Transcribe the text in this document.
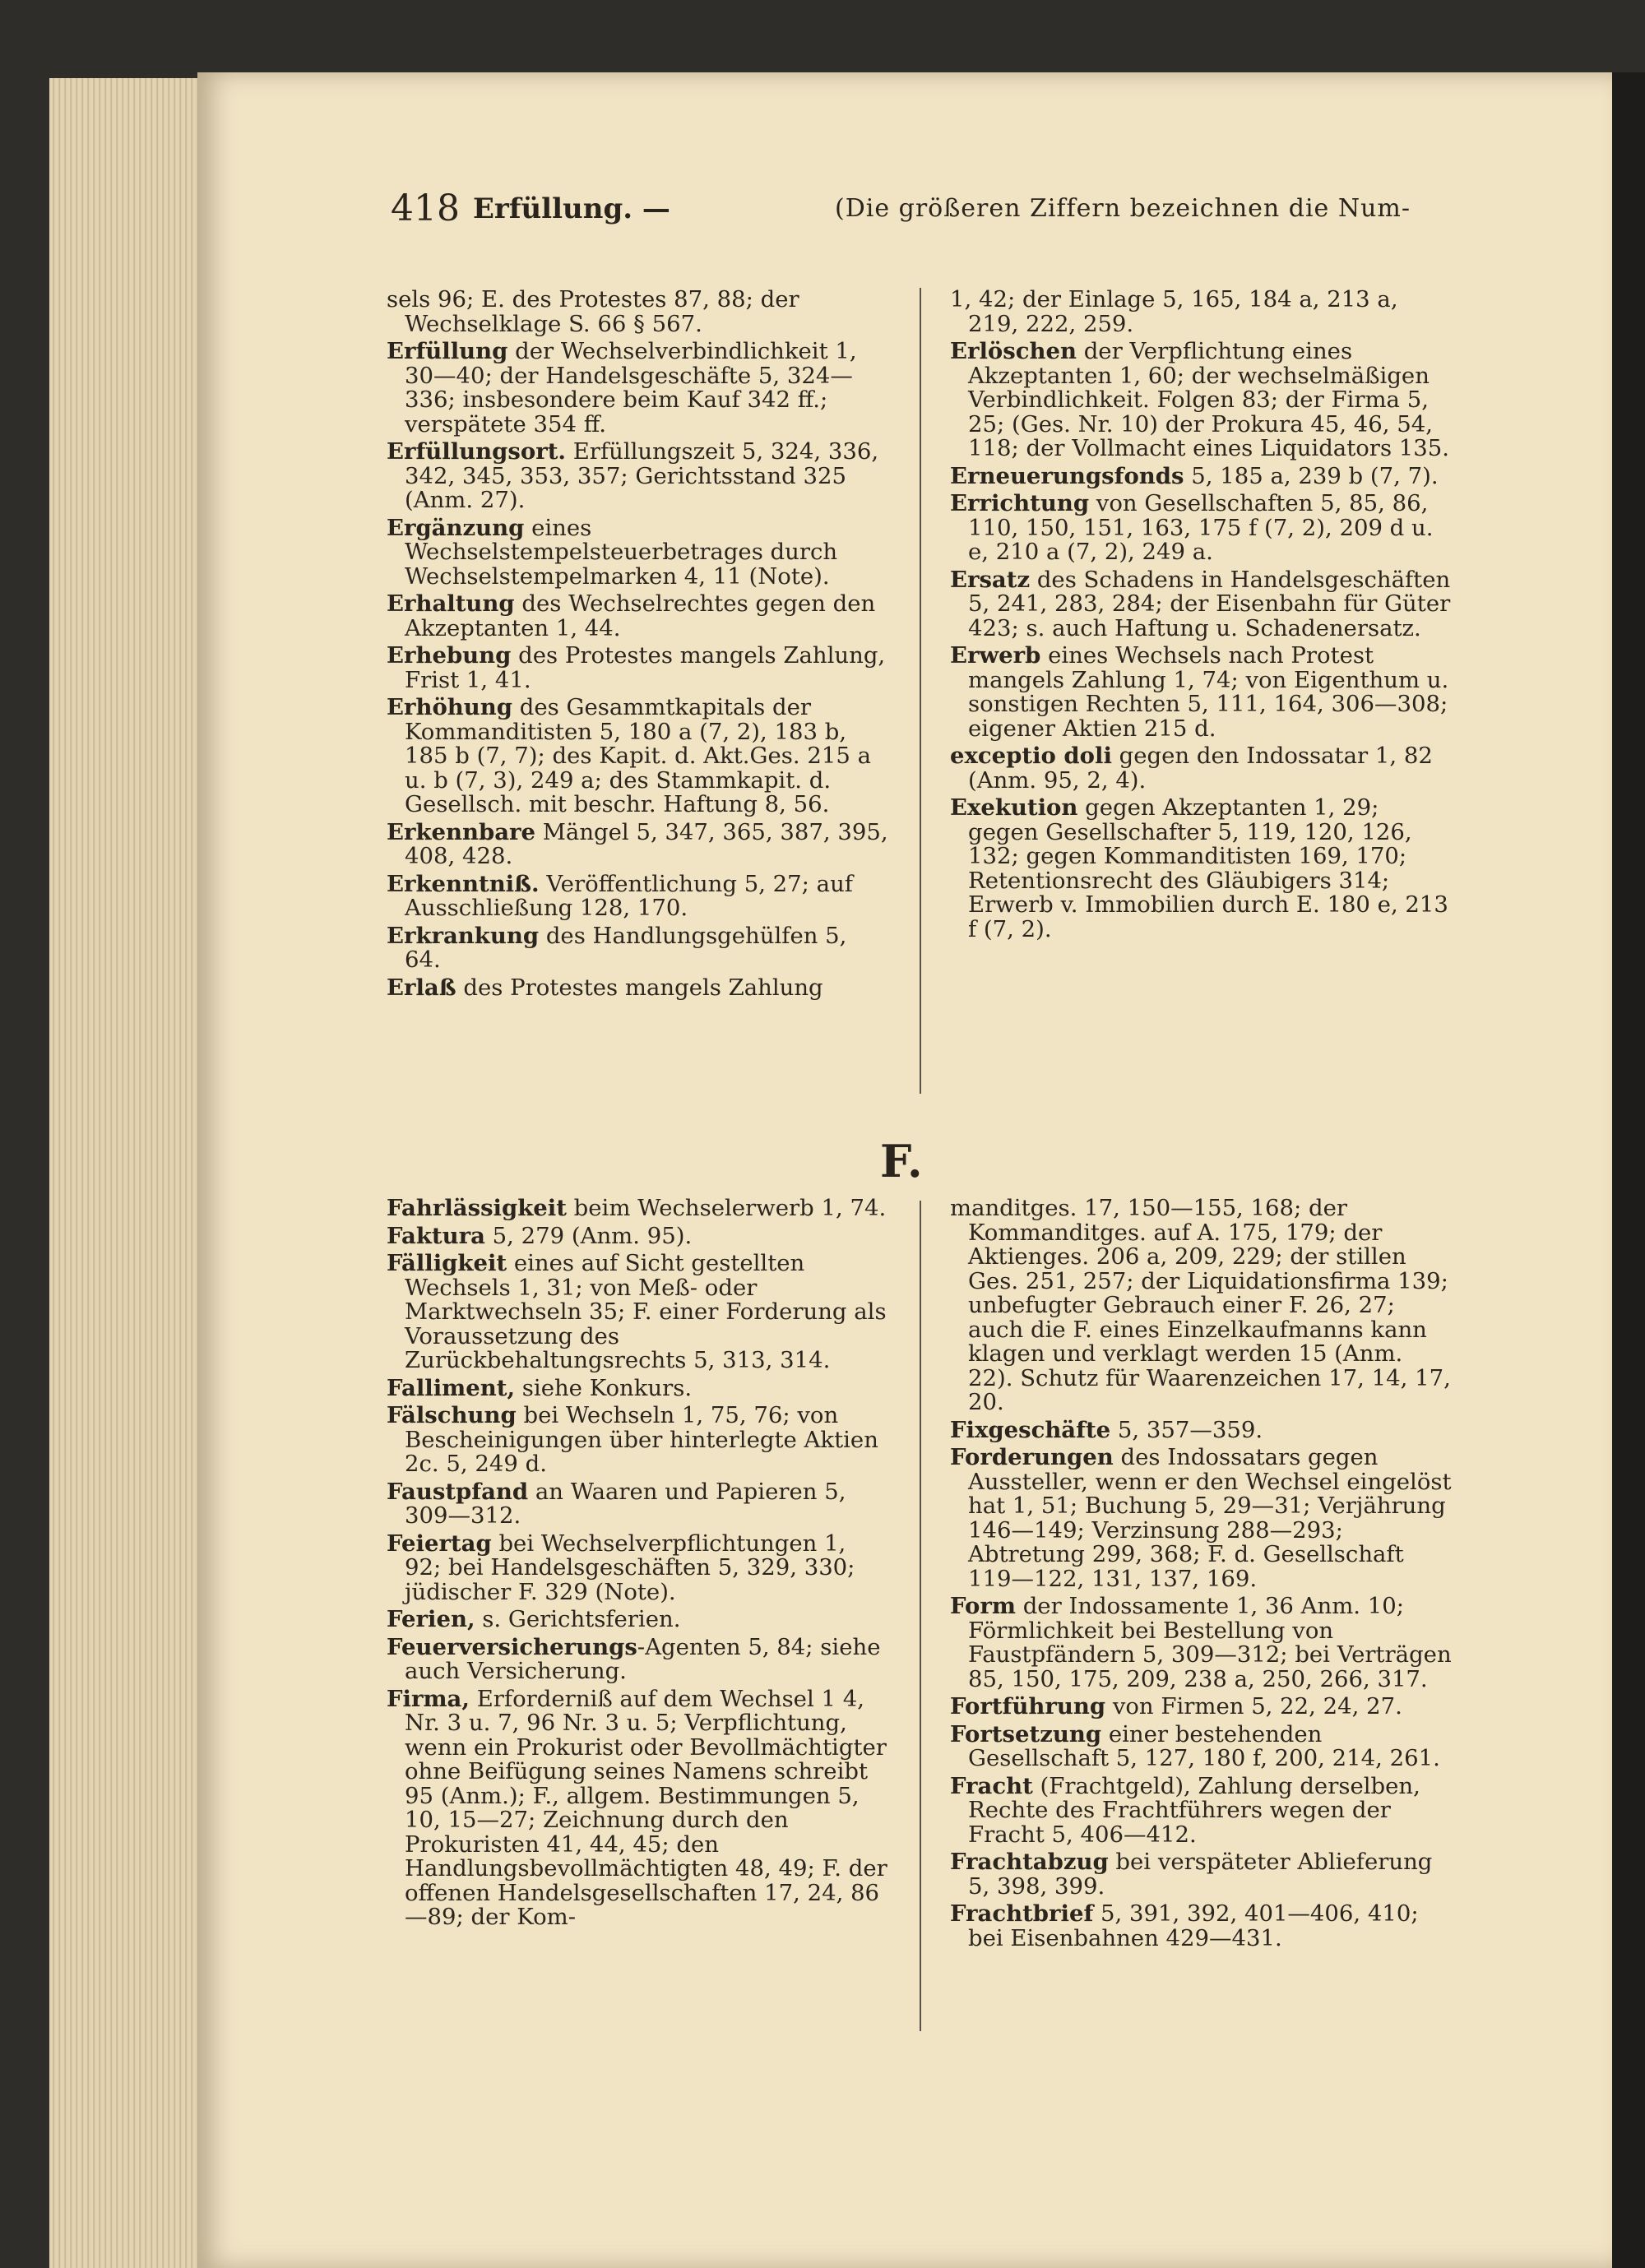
418 Erfüllung. —	(Die größeren Ziffern bezeichnen die Num-

sels 96; E. des Protestes 87, 88; der Wechselklage S. 66 § 567.

Erfüllung der Wechselverbindlichkeit 1, 30—40; der Handelsgeschäfte 5, 324—336; insbesondere beim Kauf 342 ff.; verspätete 354 ff.

Erfüllungsort. Erfüllungszeit 5, 324, 336, 342, 345, 353, 357; Gerichtsstand 325 (Anm. 27).

Ergänzung eines Wechselstempelsteuerbetrages durch Wechselstempelmarken 4, 11 (Note).

Erhaltung des Wechselrechtes gegen den Akzeptanten 1, 44.

Erhebung des Protestes mangels Zahlung, Frist 1, 41.

Erhöhung des Gesammtkapitals der Kommanditisten 5, 180 a (7, 2), 183 b, 185 b (7, 7); des Kapit. d. Akt.Ges. 215 a u. b (7, 3), 249 a; des Stammkapit. d. Gesellsch. mit beschr. Haftung 8, 56.

Erkennbare Mängel 5, 347, 365, 387, 395, 408, 428.

Erkenntniß. Veröffentlichung 5, 27; auf Ausschließung 128, 170.

Erkrankung des Handlungsgehülfen 5, 64.

Erlaß des Protestes mangels Zahlung

1, 42; der Einlage 5, 165, 184 a, 213 a, 219, 222, 259.

Erlöschen der Verpflichtung eines Akzeptanten 1, 60; der wechselmäßigen Verbindlichkeit. Folgen 83; der Firma 5, 25; (Ges. Nr. 10) der Prokura 45, 46, 54, 118; der Vollmacht eines Liquidators 135.

Erneuerungsfonds 5, 185 a, 239 b (7, 7).

Errichtung von Gesellschaften 5, 85, 86, 110, 150, 151, 163, 175 f (7, 2), 209 d u. e, 210 a (7, 2), 249 a.

Ersatz des Schadens in Handelsgeschäften 5, 241, 283, 284; der Eisenbahn für Güter 423; s. auch Haftung u. Schadenersatz.

Erwerb eines Wechsels nach Protest mangels Zahlung 1, 74; von Eigenthum u. sonstigen Rechten 5, 111, 164, 306—308; eigener Aktien 215 d.

exceptio doli gegen den Indossatar 1, 82 (Anm. 95, 2, 4).

Exekution gegen Akzeptanten 1, 29; gegen Gesellschafter 5, 119, 120, 126, 132; gegen Kommanditisten 169, 170; Retentionsrecht des Gläubigers 314; Erwerb v. Immobilien durch E. 180 e, 213 f (7, 2).

F.

Fahrlässigkeit beim Wechselerwerb 1, 74.

Faktura 5, 279 (Anm. 95).

Fälligkeit eines auf Sicht gestellten Wechsels 1, 31; von Meß- oder Marktwechseln 35; F. einer Forderung als Voraussetzung des Zurückbehaltungsrechts 5, 313, 314.

Falliment, siehe Konkurs.

Fälschung bei Wechseln 1, 75, 76; von Bescheinigungen über hinterlegte Aktien 2c. 5, 249 d.

Faustpfand an Waaren und Papieren 5, 309—312.

Feiertag bei Wechselverpflichtungen 1, 92; bei Handelsgeschäften 5, 329, 330; jüdischer F. 329 (Note).

Ferien, s. Gerichtsferien.

Feuerversicherungs-Agenten 5, 84; siehe auch Versicherung.

Firma, Erforderniß auf dem Wechsel 1 4, Nr. 3 u. 7, 96 Nr. 3 u. 5; Verpflichtung, wenn ein Prokurist oder Bevollmächtigter ohne Beifügung seines Namens schreibt 95 (Anm.); F., allgem. Bestimmungen 5, 10, 15—27; Zeichnung durch den Prokuristen 41, 44, 45; den Handlungsbevollmächtigten 48, 49; F. der offenen Handelsgesellschaften 17, 24, 86—89; der Kom-

manditges. 17, 150—155, 168; der Kommanditges. auf A. 175, 179; der Aktienges. 206 a, 209, 229; der stillen Ges. 251, 257; der Liquidationsfirma 139; unbefugter Gebrauch einer F. 26, 27; auch die F. eines Einzelkaufmanns kann klagen und verklagt werden 15 (Anm. 22). Schutz für Waarenzeichen 17, 14, 17, 20.

Fixgeschäfte 5, 357—359.

Forderungen des Indossatars gegen Aussteller, wenn er den Wechsel eingelöst hat 1, 51; Buchung 5, 29—31; Verjährung 146—149; Verzinsung 288—293; Abtretung 299, 368; F. d. Gesellschaft 119—122, 131, 137, 169.

Form der Indossamente 1, 36 Anm. 10; Förmlichkeit bei Bestellung von Faustpfändern 5, 309—312; bei Verträgen 85, 150, 175, 209, 238 a, 250, 266, 317.

Fortführung von Firmen 5, 22, 24, 27.

Fortsetzung einer bestehenden Gesellschaft 5, 127, 180 f, 200, 214, 261.

Fracht (Frachtgeld), Zahlung derselben, Rechte des Frachtführers wegen der Fracht 5, 406—412.

Frachtabzug bei verspäteter Ablieferung 5, 398, 399.

Frachtbrief 5, 391, 392, 401—406, 410; bei Eisenbahnen 429—431.
